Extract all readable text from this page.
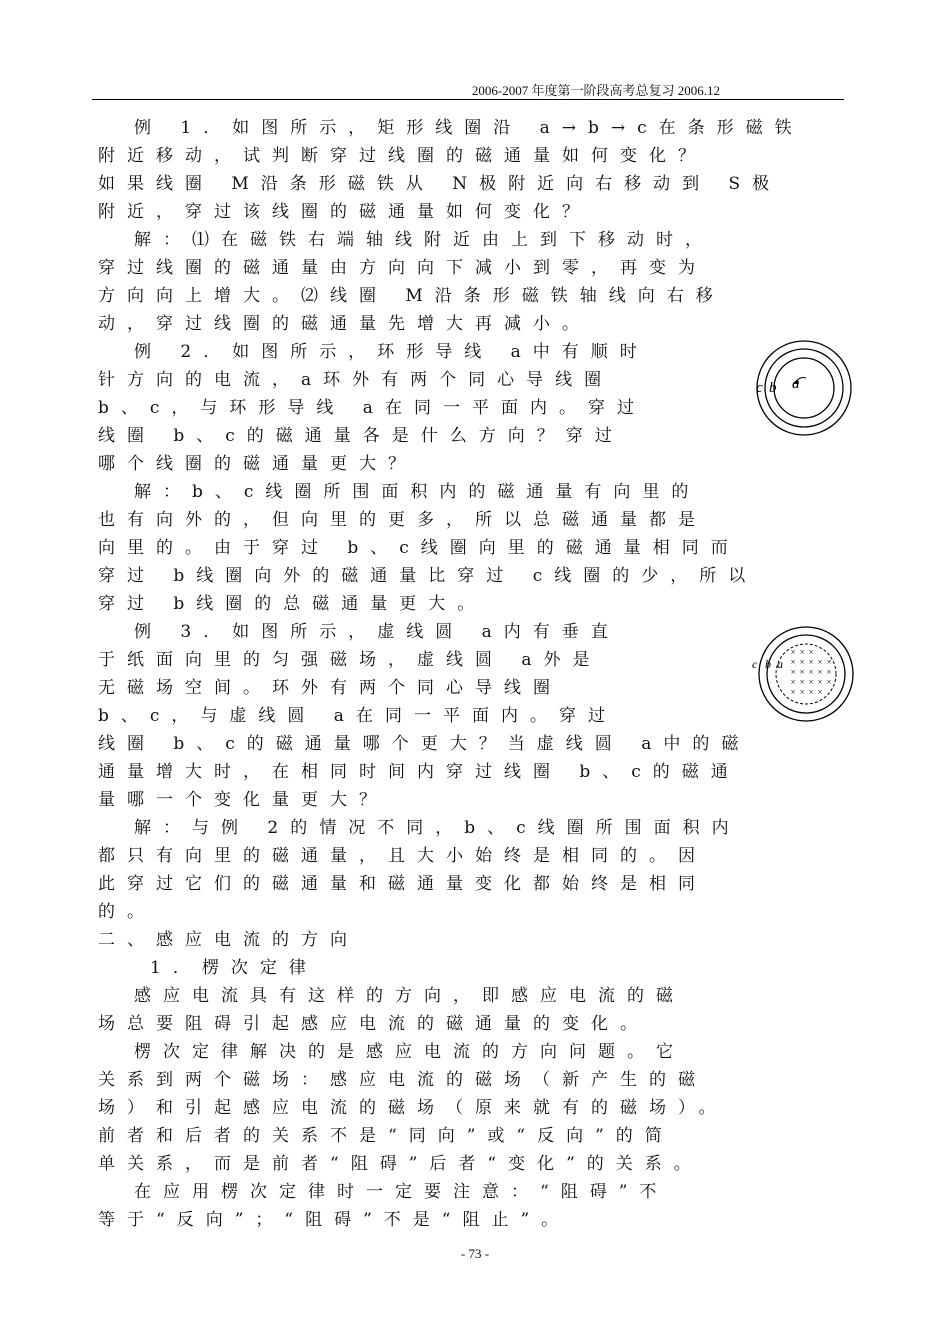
2006-2007 年度第一阶段高考总复习 2006.12
例 1．如图所示，矩形线圈沿 a→b→c在条形磁铁
附近移动，试判断穿过线圈的磁通量如何变化？
如果线圈 M沿条形磁铁从 N极附近向右移动到 S极
附近，穿过该线圈的磁通量如何变化？
解：⑴在磁铁右端轴线附近由上到下移动时，
穿过线圈的磁通量由方向向下减小到零，再变为
方向向上增大。⑵线圈 M沿条形磁铁轴线向右移
动，穿过线圈的磁通量先增大再减小。
例 2．如图所示，环形导线 a中有顺时
针方向的电流，a环外有两个同心导线圈
b、c，与环形导线 a在同一平面内。穿过
线圈 b、c的磁通量各是什么方向？穿过
哪个线圈的磁通量更大？
解：b、c线圈所围面积内的磁通量有向里的
也有向外的，但向里的更多，所以总磁通量都是
向里的。由于穿过 b、c线圈向里的磁通量相同而
穿过 b线圈向外的磁通量比穿过 c线圈的少，所以
穿过 b线圈的总磁通量更大。
例 3．如图所示，虚线圆 a内有垂直
于纸面向里的匀强磁场，虚线圆 a外是
无磁场空间。环外有两个同心导线圈
b、c，与虚线圆 a在同一平面内。穿过
线圈 b、c的磁通量哪个更大？当虚线圆 a中的磁
通量增大时，在相同时间内穿过线圈 b、c的磁通
量哪一个变化量更大？
解：与例 2的情况不同，b、c线圈所围面积内
都只有向里的磁通量，且大小始终是相同的。因
此穿过它们的磁通量和磁通量变化都始终是相同
的。
二、感应电流的方向
1．楞次定律
感应电流具有这样的方向，即感应电流的磁
场总要阻碍引起感应电流的磁通量的变化。
楞次定律解决的是感应电流的方向问题。它
关系到两个磁场：感应电流的磁场（新产生的磁
场）和引起感应电流的磁场（原来就有的磁场）。
前者和后者的关系不是“同向”或“反向”的简
单关系，而是前者“阻碍”后者“变化”的关系。
在应用楞次定律时一定要注意：“阻碍”不
等于“反向”；“阻碍”不是“阻止”。
c b a
× × ×
× × × × ×
× × × × ×
× × × × ×
× × × ×
c b a
- 73 -
